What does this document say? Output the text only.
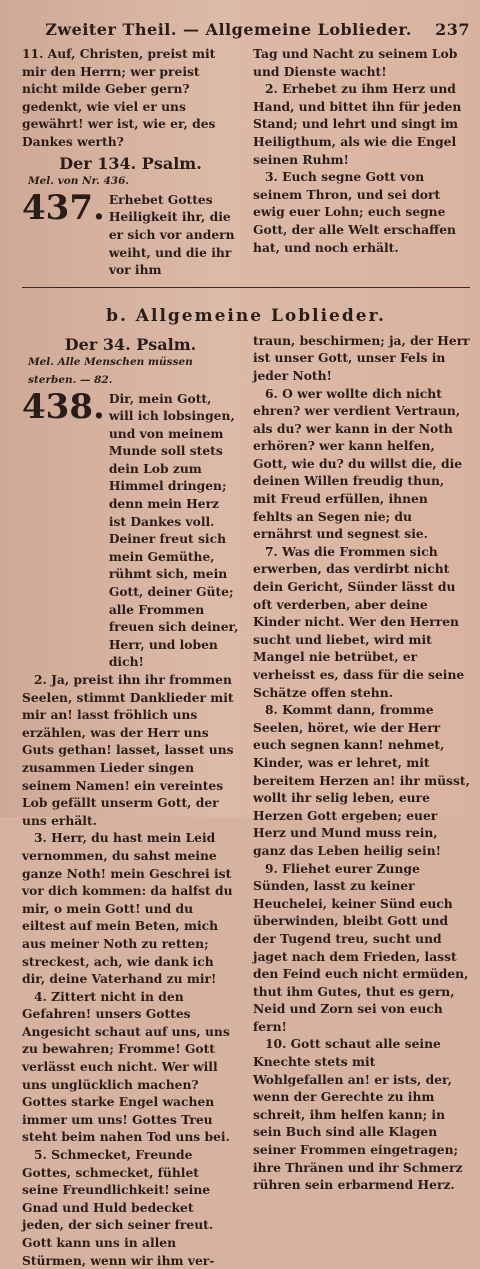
Zweiter Theil. — Allgemeine Loblieder.	237

11. Auf, Christen, preist mit mir den Herrn; wer preist nicht milde Geber gern? gedenkt, wie viel er uns gewährt! wer ist, wie er, des Dankes werth?

Der 134. Psalm.
Mel. von Nr. 436.
437. Erhebet Gottes Heiligkeit ihr, die er sich vor andern weiht, und die ihr vor ihm

Tag und Nacht zu seinem Lob und Dienste wacht!

2. Erhebet zu ihm Herz und Hand, und bittet ihn für jeden Stand; und lehrt und singt im Heiligthum, als wie die Engel seinen Ruhm!

3. Euch segne Gott von seinem Thron, und sei dort ewig euer Lohn; euch segne Gott, der alle Welt erschaffen hat, und noch erhält.

b. Allgemeine Loblieder.
Der 34. Psalm.
Mel. Alle Menschen müssen sterben. — 82.
438. Dir, mein Gott, will ich lobsingen, und von meinem Munde soll stets dein Lob zum Himmel dringen; denn mein Herz ist Dankes voll. Deiner freut sich mein Gemüthe, rühmt sich, mein Gott, deiner Güte; alle Frommen freuen sich deiner, Herr, und loben dich!

2. Ja, preist ihn ihr frommen Seelen, stimmt Danklieder mit mir an! lasst fröhlich uns erzählen, was der Herr uns Guts gethan! lasset, lasset uns zusammen Lieder singen seinem Namen! ein vereintes Lob gefällt unserm Gott, der uns erhält.

3. Herr, du hast mein Leid vernommen, du sahst meine ganze Noth! mein Geschrei ist vor dich kommen: da halfst du mir, o mein Gott! und du eiltest auf mein Beten, mich aus meiner Noth zu retten; streckest, ach, wie dank ich dir, deine Vaterhand zu mir!

4. Zittert nicht in den Gefahren! unsers Gottes Angesicht schaut auf uns, uns zu bewahren; Fromme! Gott verlässt euch nicht. Wer will uns unglücklich machen? Gottes starke Engel wachen immer um uns! Gottes Treu steht beim nahen Tod uns bei.

5. Schmecket, Freunde Gottes, schmecket, fühlet seine Freundlichkeit! seine Gnad und Huld bedecket jeden, der sich seiner freut. Gott kann uns in allen Stürmen, wenn wir ihm ver-

traun, beschirmen; ja, der Herr ist unser Gott, unser Fels in jeder Noth!

6. O wer wollte dich nicht ehren? wer verdient Vertraun, als du? wer kann in der Noth erhören? wer kann helfen, Gott, wie du? du willst die, die deinen Willen freudig thun, mit Freud erfüllen, ihnen fehlts an Segen nie; du ernährst und segnest sie.

7. Was die Frommen sich erwerben, das verdirbt nicht dein Gericht, Sünder lässt du oft verderben, aber deine Kinder nicht. Wer den Herren sucht und liebet, wird mit Mangel nie betrübet, er verheisst es, dass für die seine Schätze offen stehn.

8. Kommt dann, fromme Seelen, höret, wie der Herr euch segnen kann! nehmet, Kinder, was er lehret, mit bereitem Herzen an! ihr müsst, wollt ihr selig leben, eure Herzen Gott ergeben; euer Herz und Mund muss rein, ganz das Leben heilig sein!

9. Fliehet eurer Zunge Sünden, lasst zu keiner Heuchelei, keiner Sünd euch überwinden, bleibt Gott und der Tugend treu, sucht und jaget nach dem Frieden, lasst den Feind euch nicht ermüden, thut ihm Gutes, thut es gern, Neid und Zorn sei von euch fern!

10. Gott schaut alle seine Knechte stets mit Wohlgefallen an! er ists, der, wenn der Gerechte zu ihm schreit, ihm helfen kann; in sein Buch sind alle Klagen seiner Frommen eingetragen; ihre Thränen und ihr Schmerz rühren sein erbarmend Herz.
